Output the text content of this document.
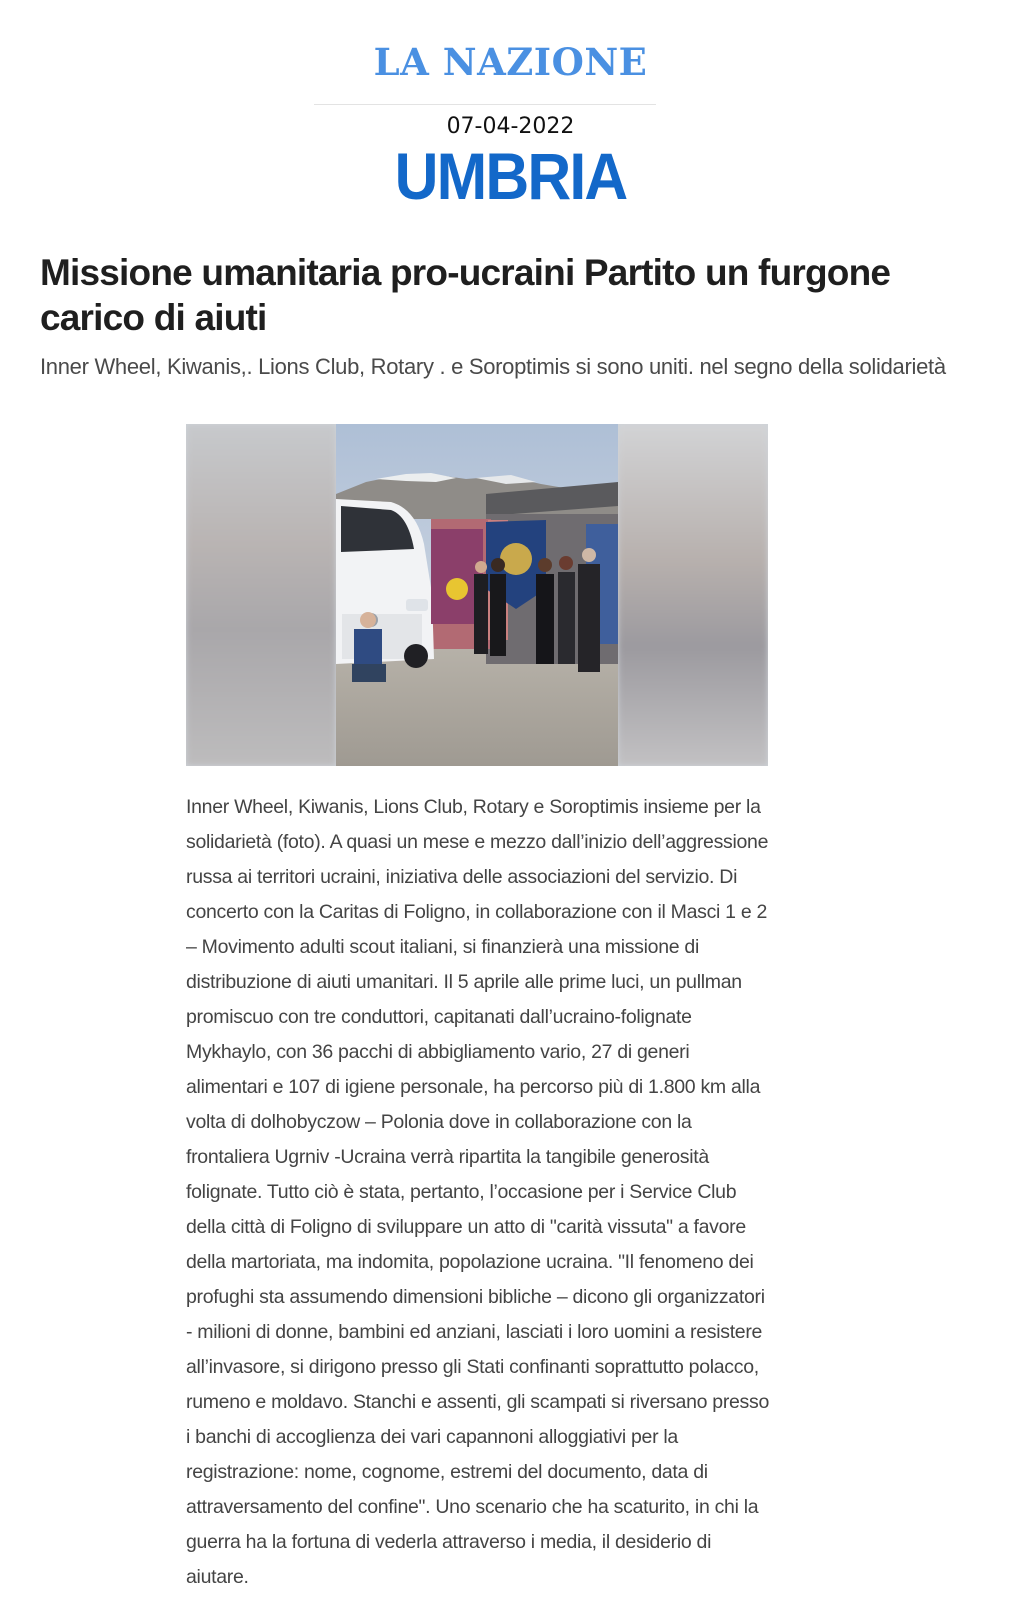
LA NAZIONE
07-04-2022
UMBRIA
Missione umanitaria pro-ucraini Partito un furgone carico di aiuti

Inner Wheel, Kiwanis,. Lions Club, Rotary . e Soroptimis si sono uniti. nel segno della solidarietà

Inner Wheel, Kiwanis, Lions Club, Rotary e Soroptimis insieme per la solidarietà (foto). A quasi un mese e mezzo dall’inizio dell’aggressione russa ai territori ucraini, iniziativa delle associazioni del servizio. Di concerto con la Caritas di Foligno, in collaborazione con il Masci 1 e 2 – Movimento adulti scout italiani, si finanzierà una missione di distribuzione di aiuti umanitari. Il 5 aprile alle prime luci, un pullman promiscuo con tre conduttori, capitanati dall’ucraino-folignate Mykhaylo, con 36 pacchi di abbigliamento vario, 27 di generi alimentari e 107 di igiene personale, ha percorso più di 1.800 km alla volta di dolhobyczow – Polonia dove in collaborazione con la frontaliera Ugrniv -Ucraina verrà ripartita la tangibile generosità folignate. Tutto ciò è stata, pertanto, l’occasione per i Service Club della città di Foligno di sviluppare un atto di "carità vissuta" a favore della martoriata, ma indomita, popolazione ucraina. "Il fenomeno dei profughi sta assumendo dimensioni bibliche – dicono gli organizzatori - milioni di donne, bambini ed anziani, lasciati i loro uomini a resistere all’invasore, si dirigono presso gli Stati confinanti soprattutto polacco, rumeno e moldavo. Stanchi e assenti, gli scampati si riversano presso i banchi di accoglienza dei vari capannoni alloggiativi per la registrazione: nome, cognome, estremi del documento, data di attraversamento del confine". Uno scenario che ha scaturito, in chi la guerra ha la fortuna di vederla attraverso i media, il desiderio di aiutare.
